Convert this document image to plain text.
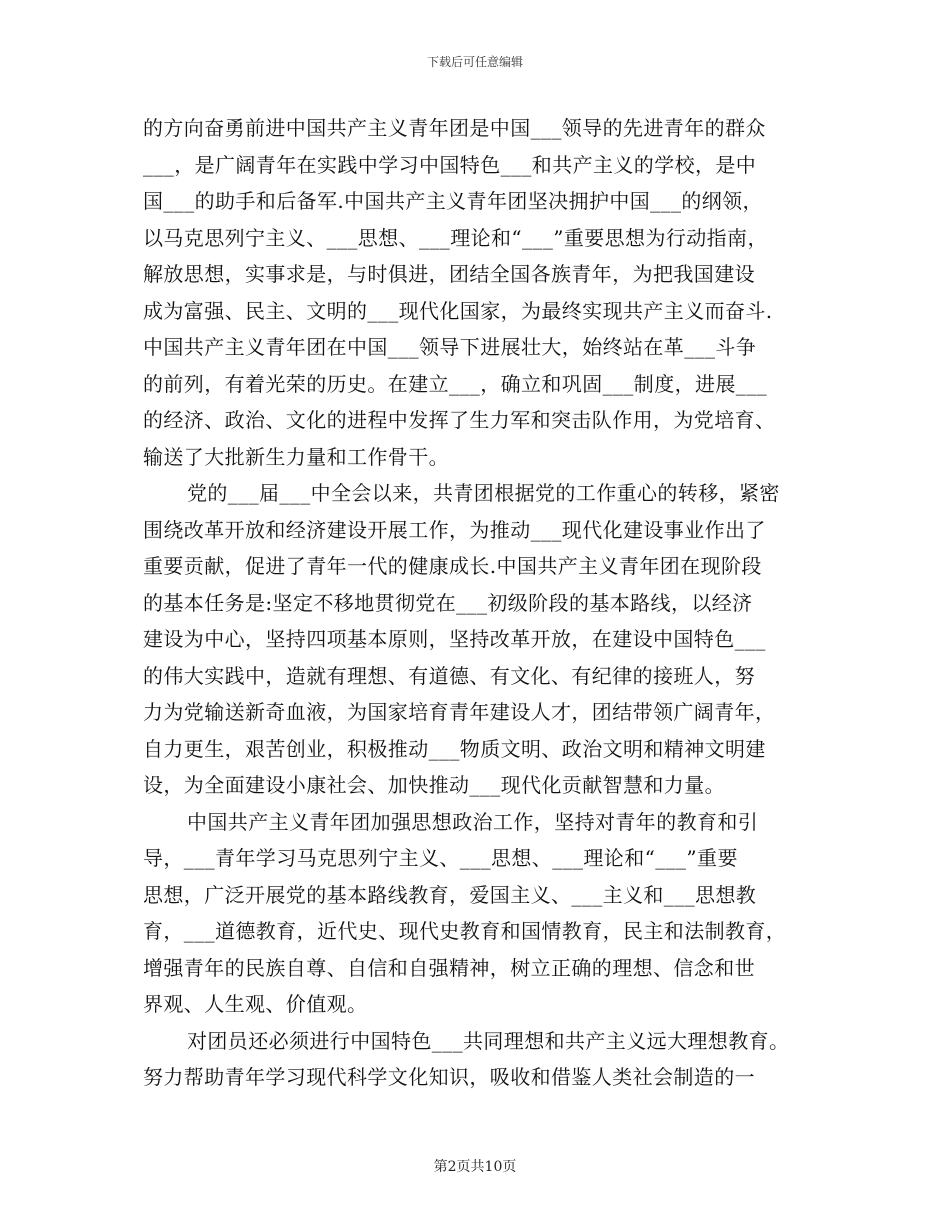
下载后可任意编辑
的方向奋勇前进中国共产主义青年团是中国___领导的先进青年的群众
___，是广阔青年在实践中学习中国特色___和共产主义的学校，是中
国___的助手和后备军.中国共产主义青年团坚决拥护中国___的纲领，
以马克思列宁主义、___思想、___理论和“___”重要思想为行动指南，
解放思想，实事求是，与时俱进，团结全国各族青年，为把我国建设
成为富强、民主、文明的___现代化国家，为最终实现共产主义而奋斗.
中国共产主义青年团在中国___领导下进展壮大，始终站在革___斗争
的前列，有着光荣的历史。在建立___，确立和巩固___制度，进展___
的经济、政治、文化的进程中发挥了生力军和突击队作用，为党培育、
输送了大批新生力量和工作骨干。
党的___届___中全会以来，共青团根据党的工作重心的转移，紧密
围绕改革开放和经济建设开展工作，为推动___现代化建设事业作出了
重要贡献，促进了青年一代的健康成长.中国共产主义青年团在现阶段
的基本任务是:坚定不移地贯彻党在___初级阶段的基本路线，以经济
建设为中心，坚持四项基本原则，坚持改革开放，在建设中国特色___
的伟大实践中，造就有理想、有道德、有文化、有纪律的接班人，努
力为党输送新奇血液，为国家培育青年建设人才，团结带领广阔青年，
自力更生，艰苦创业，积极推动___物质文明、政治文明和精神文明建
设，为全面建设小康社会、加快推动___现代化贡献智慧和力量。
中国共产主义青年团加强思想政治工作，坚持对青年的教育和引
导，___青年学习马克思列宁主义、___思想、___理论和“___”重要
思想，广泛开展党的基本路线教育，爱国主义、___主义和___思想教
育，___道德教育，近代史、现代史教育和国情教育，民主和法制教育，
增强青年的民族自尊、自信和自强精神，树立正确的理想、信念和世
界观、人生观、价值观。
对团员还必须进行中国特色___共同理想和共产主义远大理想教育。
努力帮助青年学习现代科学文化知识，吸收和借鉴人类社会制造的一
第2页共10页
